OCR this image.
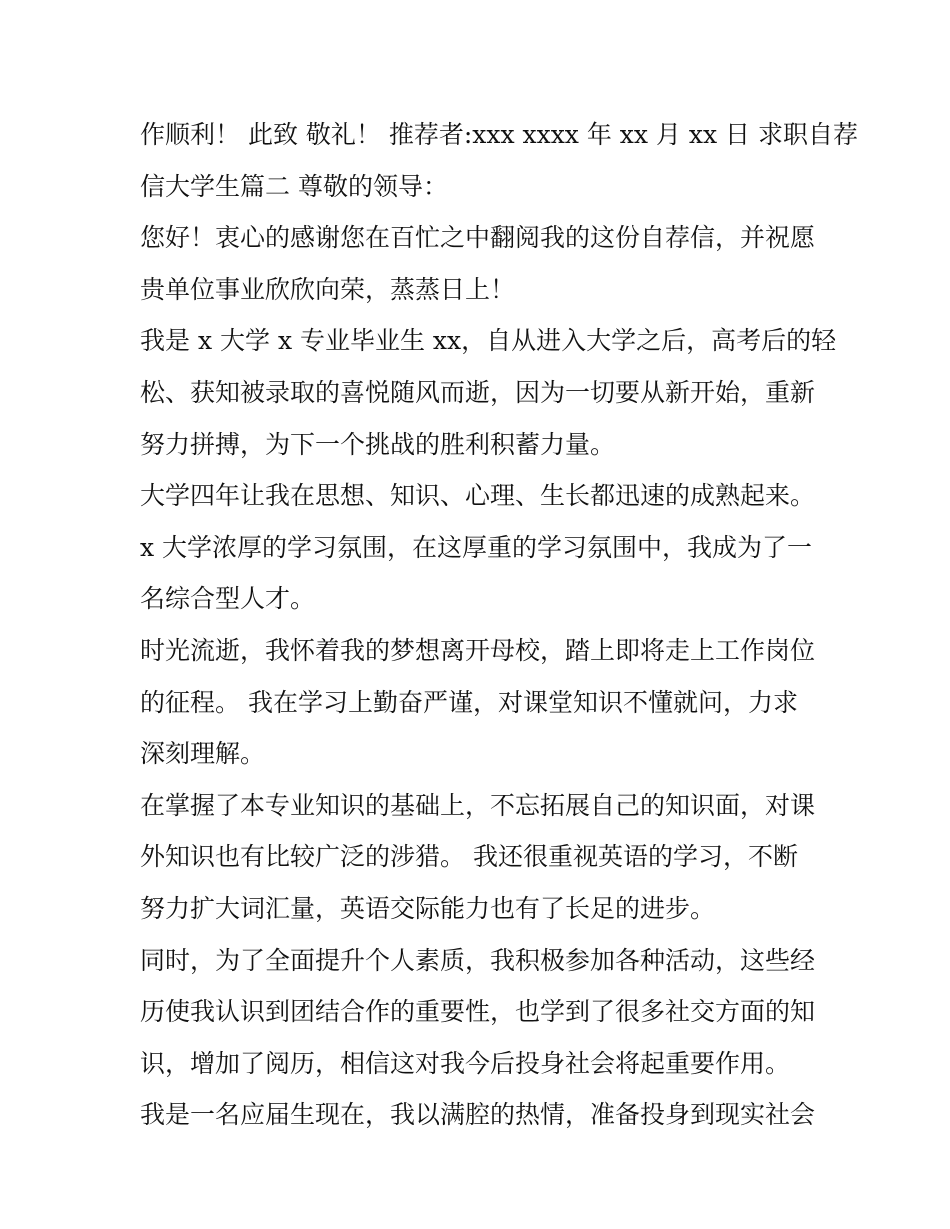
作顺利！ 此致 敬礼！ 推荐者:xxx xxxx 年 xx 月 xx 日 求职自荐
信大学生篇二 尊敬的领导：
您好！衷心的感谢您在百忙之中翻阅我的这份自荐信，并祝愿
贵单位事业欣欣向荣，蒸蒸日上！
我是 x 大学 x 专业毕业生 xx，自从进入大学之后，高考后的轻
松、获知被录取的喜悦随风而逝，因为一切要从新开始，重新
努力拼搏，为下一个挑战的胜利积蓄力量。
大学四年让我在思想、知识、心理、生长都迅速的成熟起来。
x 大学浓厚的学习氛围，在这厚重的学习氛围中，我成为了一
名综合型人才。
时光流逝，我怀着我的梦想离开母校，踏上即将走上工作岗位
的征程。 我在学习上勤奋严谨，对课堂知识不懂就问，力求
深刻理解。
在掌握了本专业知识的基础上，不忘拓展自己的知识面，对课
外知识也有比较广泛的涉猎。 我还很重视英语的学习，不断
努力扩大词汇量，英语交际能力也有了长足的进步。
同时，为了全面提升个人素质，我积极参加各种活动，这些经
历使我认识到团结合作的重要性，也学到了很多社交方面的知
识，增加了阅历，相信这对我今后投身社会将起重要作用。
我是一名应届生现在，我以满腔的热情，准备投身到现实社会
